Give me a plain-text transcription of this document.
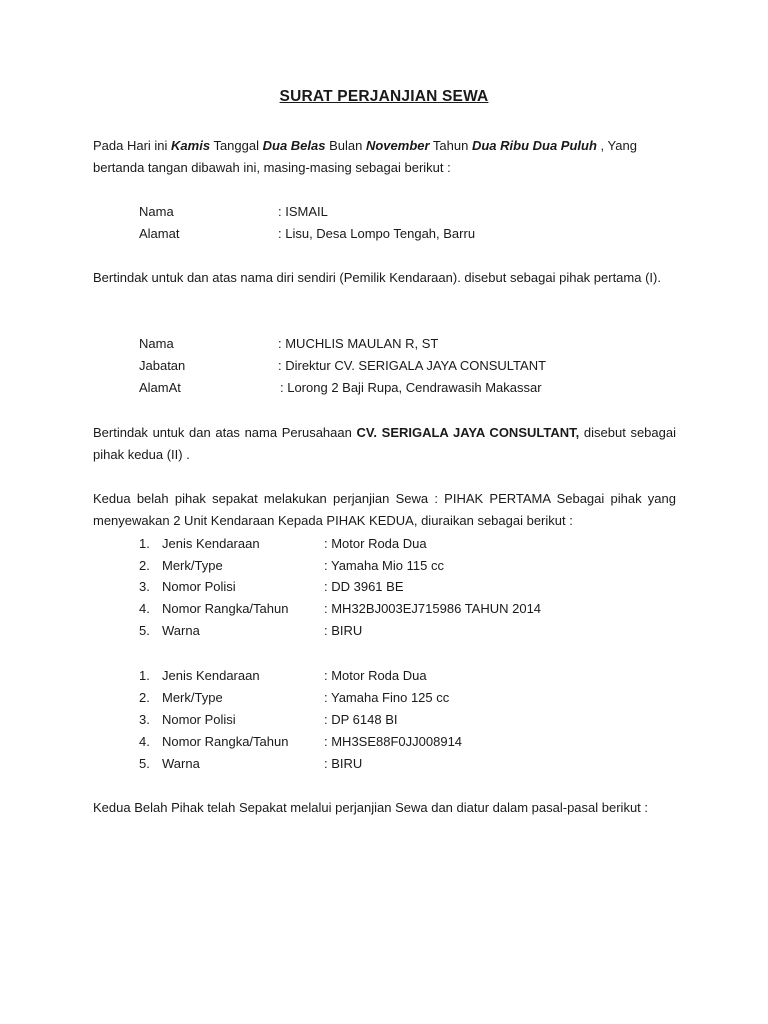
SURAT PERJANJIAN SEWA
Pada Hari ini Kamis Tanggal Dua Belas Bulan November Tahun Dua Ribu Dua Puluh , Yang bertanda tangan dibawah ini, masing-masing sebagai berikut :
Nama	: ISMAIL
Alamat	: Lisu, Desa Lompo Tengah, Barru
Bertindak untuk dan atas nama diri sendiri (Pemilik Kendaraan). disebut sebagai pihak pertama (I).
Nama	: MUCHLIS MAULAN R, ST
Jabatan	: Direktur CV. SERIGALA JAYA CONSULTANT
AlamAt	: Lorong 2 Baji Rupa, Cendrawasih Makassar
Bertindak untuk dan atas nama Perusahaan CV. SERIGALA JAYA CONSULTANT, disebut sebagai pihak kedua (II) .
Kedua belah pihak sepakat melakukan perjanjian Sewa : PIHAK PERTAMA Sebagai pihak yang menyewakan 2 Unit Kendaraan Kepada PIHAK KEDUA, diuraikan sebagai berikut :
1. Jenis Kendaraan	: Motor Roda Dua
2. Merk/Type	: Yamaha Mio 115 cc
3. Nomor Polisi	: DD 3961 BE
4. Nomor Rangka/Tahun	: MH32BJ003EJ715986 TAHUN 2014
5. Warna	: BIRU
1. Jenis Kendaraan	: Motor Roda Dua
2. Merk/Type	: Yamaha Fino 125 cc
3. Nomor Polisi	: DP 6148 BI
4. Nomor Rangka/Tahun	: MH3SE88F0JJ008914
5. Warna	: BIRU
Kedua Belah Pihak telah Sepakat melalui perjanjian Sewa dan diatur dalam pasal-pasal berikut :
